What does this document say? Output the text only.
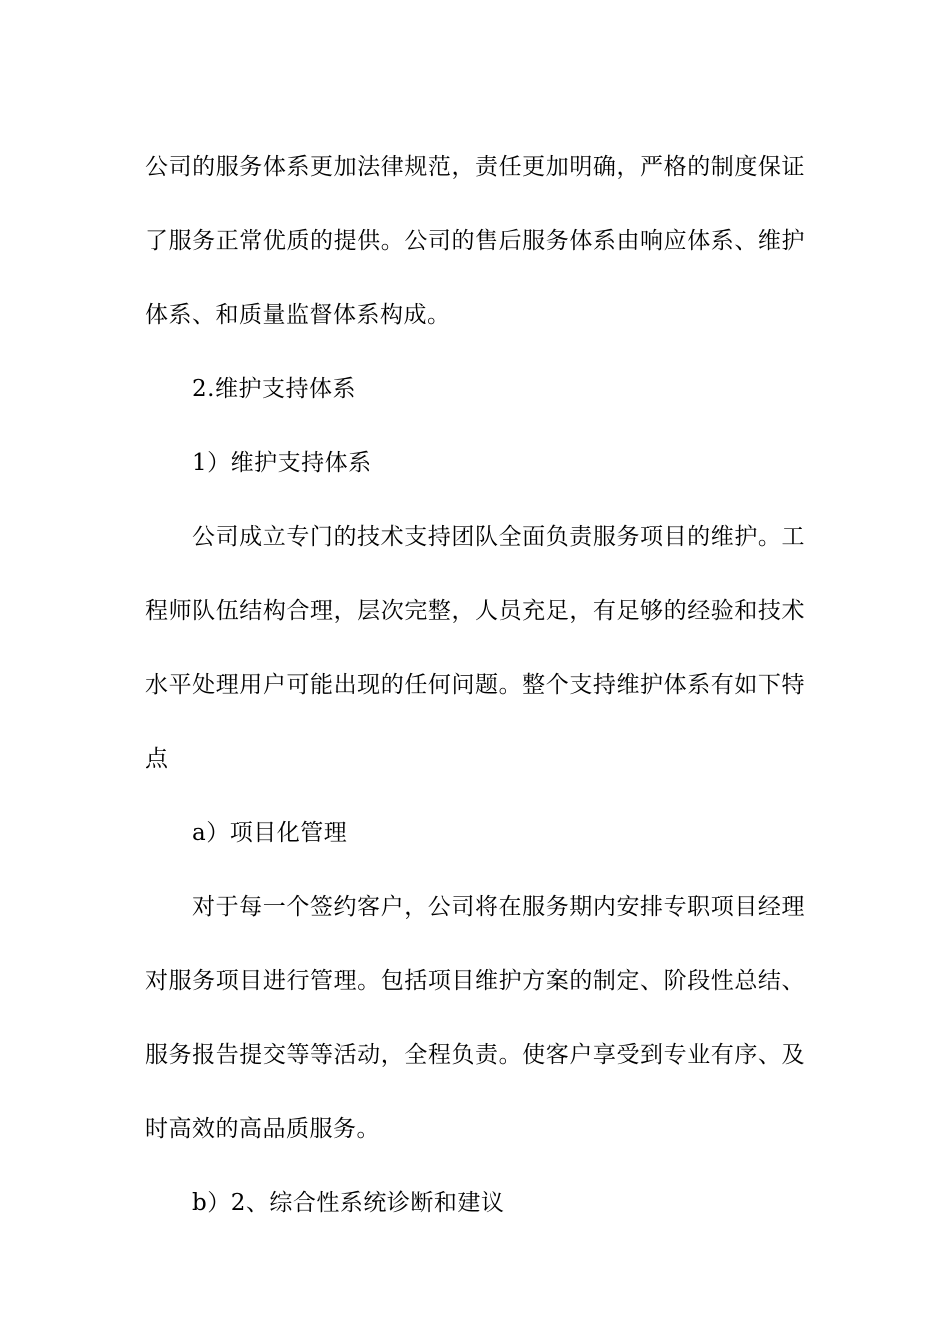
公司的服务体系更加法律规范，责任更加明确，严格的制度保证了服务正常优质的提供。公司的售后服务体系由响应体系、维护体系、和质量监督体系构成。

2.维护支持体系

1）维护支持体系

公司成立专门的技术支持团队全面负责服务项目的维护。工程师队伍结构合理，层次完整，人员充足，有足够的经验和技术水平处理用户可能出现的任何问题。整个支持维护体系有如下特点

a）项目化管理

对于每一个签约客户，公司将在服务期内安排专职项目经理对服务项目进行管理。包括项目维护方案的制定、阶段性总结、服务报告提交等等活动，全程负责。使客户享受到专业有序、及时高效的高品质服务。

b）2、综合性系统诊断和建议
